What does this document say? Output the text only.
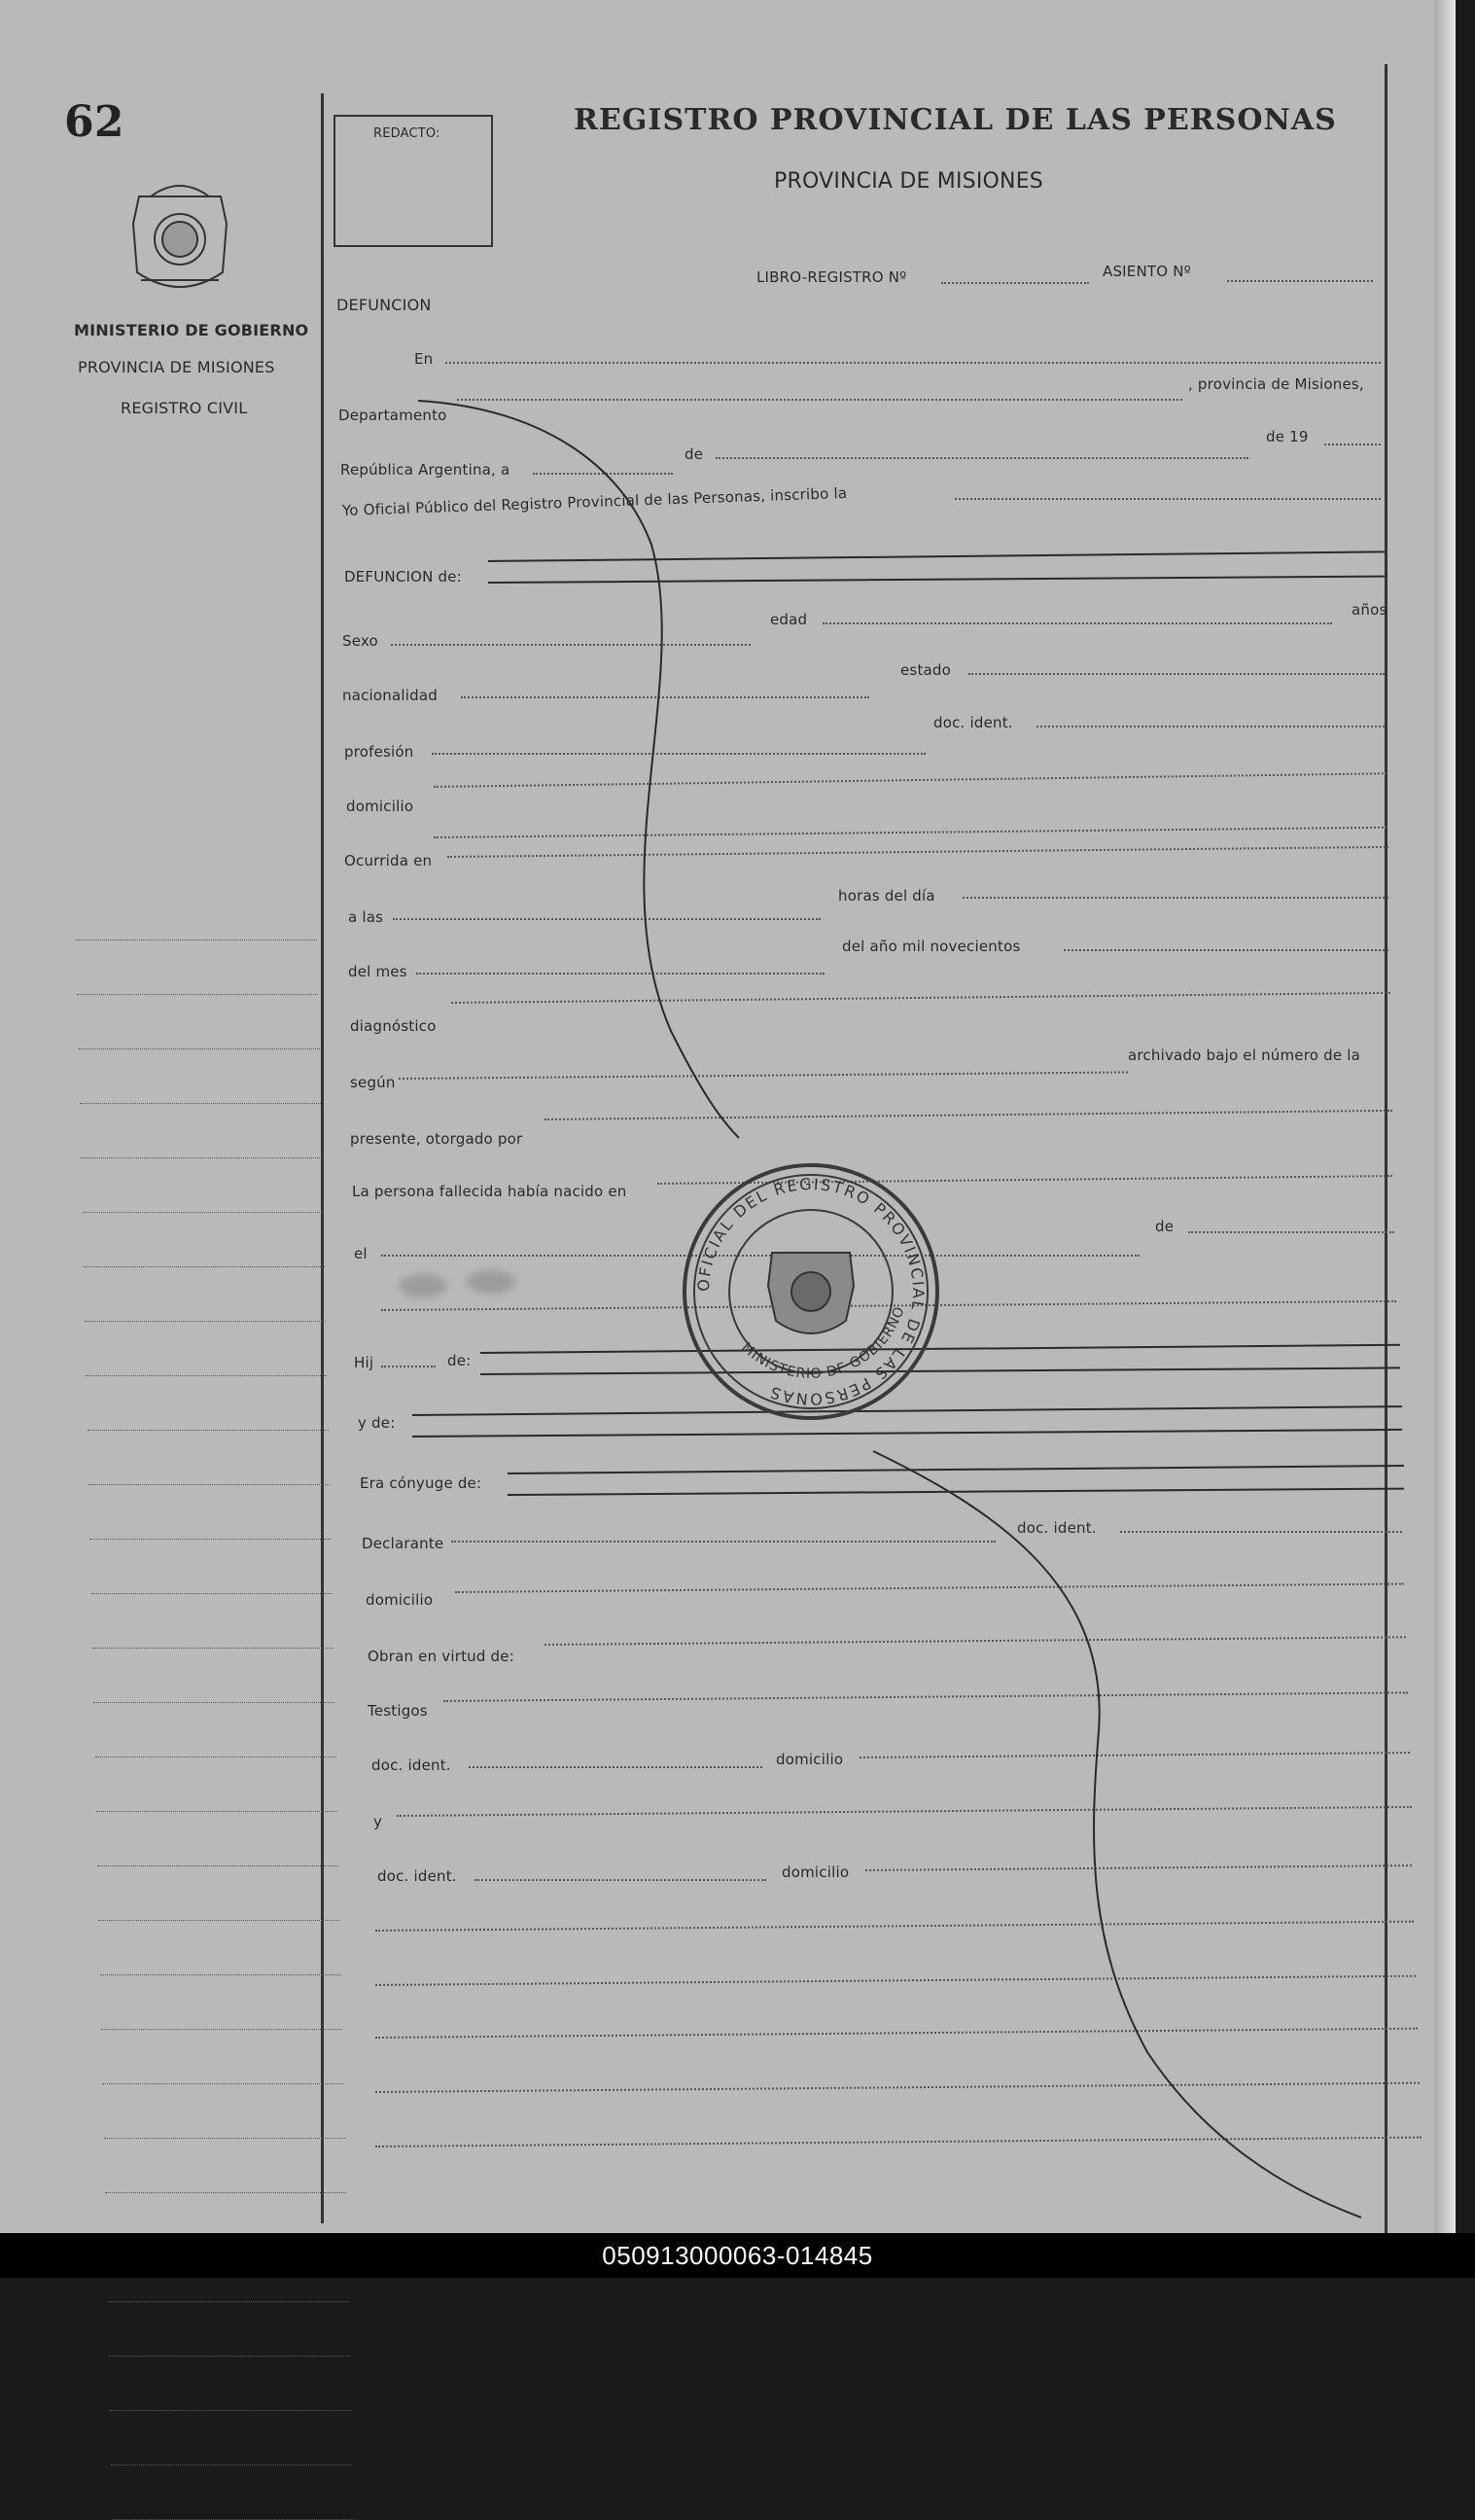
62
MINISTERIO DE GOBIERNO
PROVINCIA DE MISIONES
REGISTRO CIVIL
REDACTO:	REGISTRO PROVINCIAL DE LAS PERSONAS
PROVINCIA DE MISIONES
LIBRO-REGISTRO Nº	ASIENTO Nº
DEFUNCION
En
, provincia de Misiones,
Departamento
República Argentina, a
de
de 19
Yo Oficial Público del Registro Provincial de las Personas, inscribo la
DEFUNCION de:
Sexo
edad
años
nacionalidad
estado
profesión
doc. ident.
domicilio
Ocurrida en
a las
horas del día
del mes
del año mil novecientos
diagnóstico
según
archivado bajo el número de la
presente, otorgado por
La persona fallecida había nacido en
el
de
Hij	de:
y de:
Era cónyuge de:
Declarante
doc. ident.
domicilio
Obran en virtud de:
Testigos
doc. ident.	domicilio
y
doc. ident.	domicilio
OFICIAL DEL REGISTRO PROVINCIAL DE LAS PERSONAS
MINISTERIO DE GOBIERNO
050913000063-014845
